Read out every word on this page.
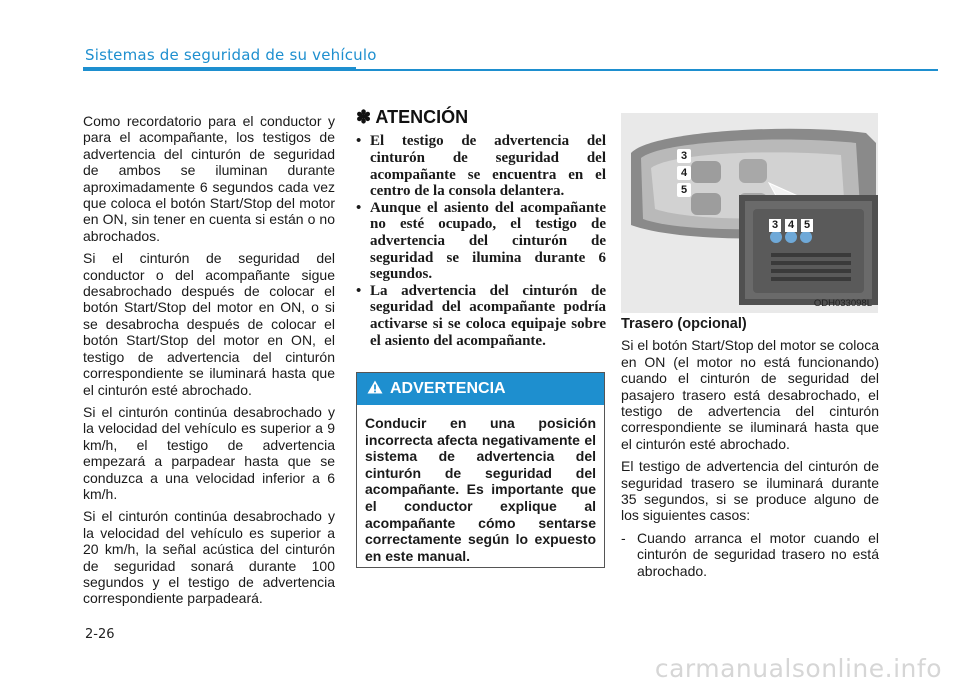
Sistemas de seguridad de su vehículo

Como recordatorio para el conductor y para el acompañante, los testigos de advertencia del cinturón de seguridad de ambos se iluminan durante aproximadamente 6 segundos cada vez que coloca el botón Start/Stop del motor en ON, sin tener en cuenta si están o no abrochados.

Si el cinturón de seguridad del conductor o del acompañante sigue desabrochado después de colocar el botón Start/Stop del motor en ON, o si se desabrocha después de colocar el botón Start/Stop del motor en ON, el testigo de advertencia del cinturón correspondiente se iluminará hasta que el cinturón esté abrochado.

Si el cinturón continúa desabrochado y la velocidad del vehículo es superior a 9 km/h, el testigo de advertencia empezará a parpadear hasta que se conduzca a una velocidad inferior a 6 km/h.

Si el cinturón continúa desabrochado y la velocidad del vehículo es superior a 20 km/h, la señal acústica del cinturón de seguridad sonará durante 100 segundos y el testigo de advertencia correspondiente parpadeará.

✽ ATENCIÓN
• El testigo de advertencia del cinturón de seguridad del acompañante se encuentra en el centro de la consola delantera.
• Aunque el asiento del acompañante no esté ocupado, el testigo de advertencia del cinturón de seguridad se ilumina durante 6 segundos.
• La advertencia del cinturón de seguridad del acompañante podría activarse si se coloca equipaje sobre el asiento del acompañante.
ADVERTENCIA
Conducir en una posición incorrecta afecta negativamente el sistema de advertencia del cinturón de seguridad del acompañante. Es importante que el conductor explique al acompañante cómo sentarse correctamente según lo expuesto en este manual.
3
4
5
3 4 5
ODH033098L
Trasero (opcional)

Si el botón Start/Stop del motor se coloca en ON (el motor no está funcionando) cuando el cinturón de seguridad del pasajero trasero está desabrochado, el testigo de advertencia del cinturón correspondiente se iluminará hasta que el cinturón esté abrochado.

El testigo de advertencia del cinturón de seguridad trasero se iluminará durante 35 segundos, si se produce alguno de los siguientes casos:

- Cuando arranca el motor cuando el cinturón de seguridad trasero no está abrochado.

2-26
carmanualsonline.info
